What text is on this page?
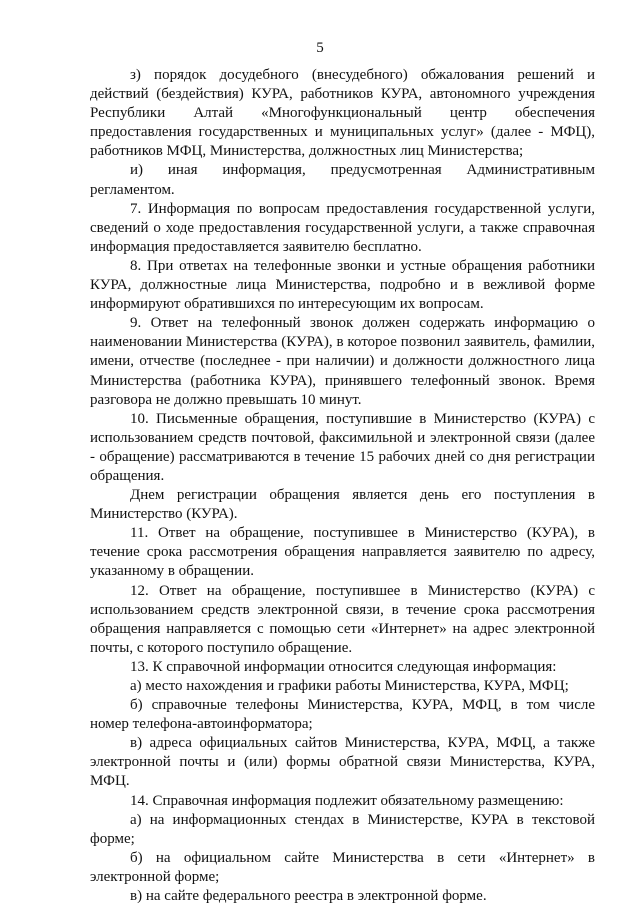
5

з) порядок досудебного (внесудебного) обжалования решений и действий (бездействия) КУРА, работников КУРА, автономного учреждения Республики Алтай «Многофункциональный центр обеспечения предоставления государственных и муниципальных услуг» (далее - МФЦ), работников МФЦ, Министерства, должностных лиц Министерства;

и) иная информация, предусмотренная Административным регламентом.

7. Информация по вопросам предоставления государственной услуги, сведений о ходе предоставления государственной услуги, а также справочная информация предоставляется заявителю бесплатно.

8. При ответах на телефонные звонки и устные обращения работники КУРА, должностные лица Министерства, подробно и в вежливой форме информируют обратившихся по интересующим их вопросам.

9. Ответ на телефонный звонок должен содержать информацию о наименовании Министерства (КУРА), в которое позвонил заявитель, фамилии, имени, отчестве (последнее - при наличии) и должности должностного лица Министерства (работника КУРА), принявшего телефонный звонок. Время разговора не должно превышать 10 минут.

10. Письменные обращения, поступившие в Министерство (КУРА) с использованием средств почтовой, факсимильной и электронной связи (далее - обращение) рассматриваются в течение 15 рабочих дней со дня регистрации обращения.

Днем регистрации обращения является день его поступления в Министерство (КУРА).

11. Ответ на обращение, поступившее в Министерство (КУРА), в течение срока рассмотрения обращения направляется заявителю по адресу, указанному в обращении.

12. Ответ на обращение, поступившее в Министерство (КУРА) с использованием средств электронной связи, в течение срока рассмотрения обращения направляется с помощью сети «Интернет» на адрес электронной почты, с которого поступило обращение.

13. К справочной информации относится следующая информация:

а) место нахождения и графики работы Министерства, КУРА, МФЦ;

б) справочные телефоны Министерства, КУРА, МФЦ, в том числе номер телефона-автоинформатора;

в) адреса официальных сайтов Министерства, КУРА, МФЦ, а также электронной почты и (или) формы обратной связи Министерства, КУРА, МФЦ.

14. Справочная информация подлежит обязательному размещению:

а) на информационных стендах в Министерстве, КУРА в текстовой форме;

б) на официальном сайте Министерства в сети «Интернет» в электронной форме;

в) на сайте федерального реестра в электронной форме.
